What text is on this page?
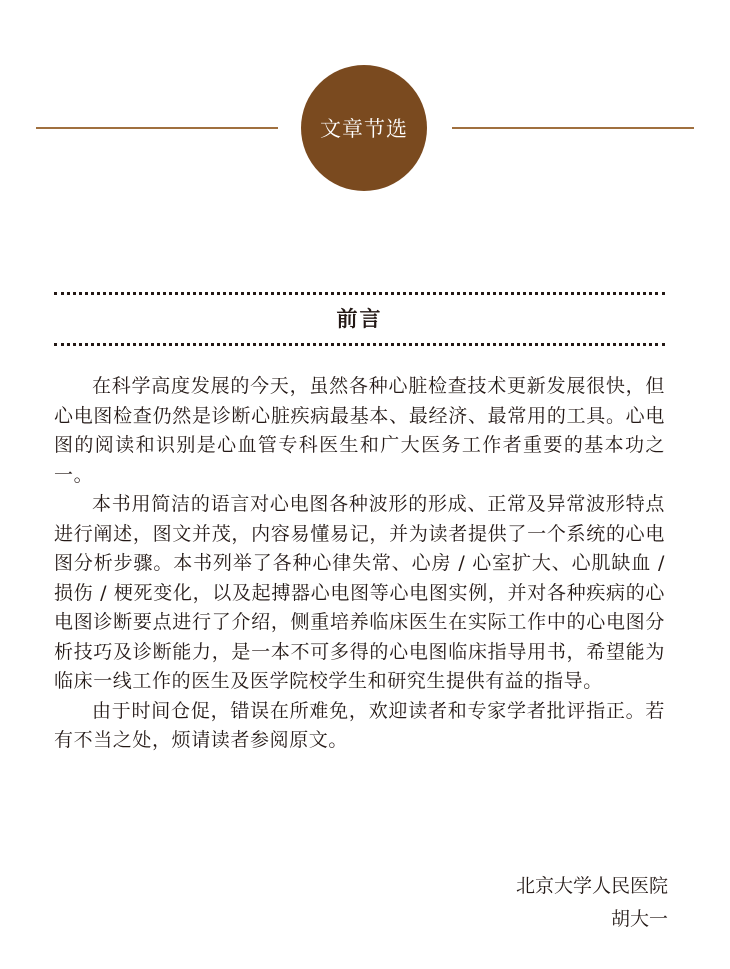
文章节选
前言

在科学高度发展的今天，虽然各种心脏检查技术更新发展很快，但心电图检查仍然是诊断心脏疾病最基本、最经济、最常用的工具。心电图的阅读和识别是心血管专科医生和广大医务工作者重要的基本功之一。

本书用简洁的语言对心电图各种波形的形成、正常及异常波形特点进行阐述，图文并茂，内容易懂易记，并为读者提供了一个系统的心电图分析步骤。本书列举了各种心律失常、心房 / 心室扩大、心肌缺血 / 损伤 / 梗死变化，以及起搏器心电图等心电图实例，并对各种疾病的心电图诊断要点进行了介绍，侧重培养临床医生在实际工作中的心电图分析技巧及诊断能力，是一本不可多得的心电图临床指导用书，希望能为临床一线工作的医生及医学院校学生和研究生提供有益的指导。

由于时间仓促，错误在所难免，欢迎读者和专家学者批评指正。若有不当之处，烦请读者参阅原文。

北京大学人民医院
胡大一
